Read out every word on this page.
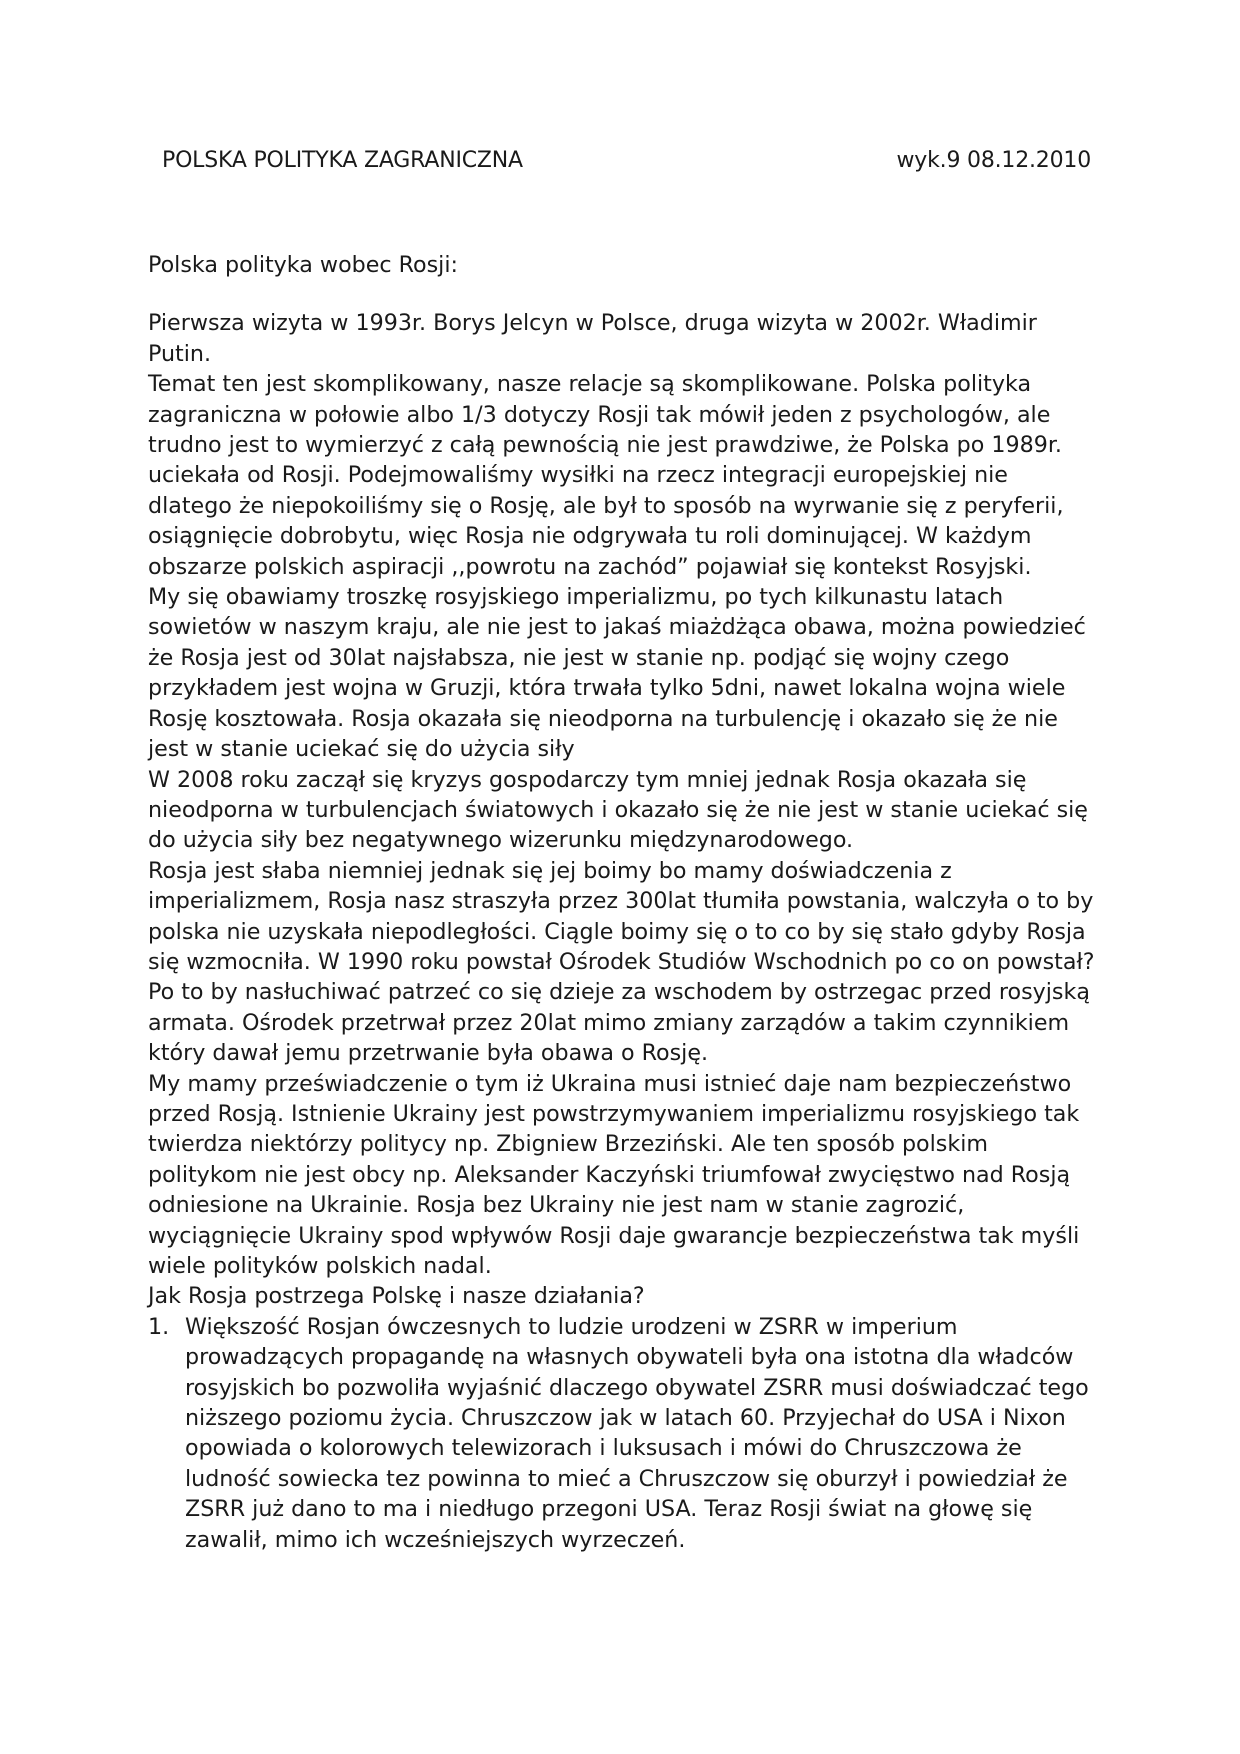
POLSKA POLITYKA ZAGRANICZNA	wyk.9 08.12.2010

Polska polityka wobec Rosji:

Pierwsza wizyta w 1993r. Borys Jelcyn w Polsce, druga wizyta w 2002r. Władimir Putin.

Temat ten jest skomplikowany, nasze relacje są skomplikowane. Polska polityka zagraniczna w połowie albo 1/3 dotyczy Rosji tak mówił jeden z psychologów, ale trudno jest to wymierzyć z całą pewnością nie jest prawdziwe, że Polska po 1989r. uciekała od Rosji. Podejmowaliśmy wysiłki na rzecz integracji europejskiej nie dlatego że niepokoiliśmy się o Rosję, ale był to sposób na wyrwanie się z peryferii, osiągnięcie dobrobytu, więc Rosja nie odgrywała tu roli dominującej. W każdym obszarze polskich aspiracji ,,powrotu na zachód” pojawiał się kontekst Rosyjski.

My się obawiamy troszkę rosyjskiego imperializmu, po tych kilkunastu latach sowietów w naszym kraju, ale nie jest to jakaś miażdżąca obawa, można powiedzieć że Rosja jest od 30lat najsłabsza, nie jest w stanie np. podjąć się wojny czego przykładem jest wojna w Gruzji, która trwała tylko 5dni, nawet lokalna wojna wiele Rosję kosztowała. Rosja okazała się nieodporna na turbulencję i okazało się że nie jest w stanie uciekać się do użycia siły

W 2008 roku zaczął się kryzys gospodarczy tym mniej jednak Rosja okazała się nieodporna w turbulencjach światowych i okazało się że nie jest w stanie uciekać się do użycia siły bez negatywnego wizerunku międzynarodowego.

Rosja jest słaba niemniej jednak się jej boimy bo mamy doświadczenia z imperializmem, Rosja nasz straszyła przez 300lat tłumiła powstania, walczyła o to by polska nie uzyskała niepodległości. Ciągle boimy się o to co by się stało gdyby Rosja się wzmocniła. W 1990 roku powstał Ośrodek Studiów Wschodnich po co on powstał? Po to by nasłuchiwać patrzeć co się dzieje za wschodem by ostrzegac przed rosyjską armata. Ośrodek przetrwał przez 20lat mimo zmiany zarządów a takim czynnikiem który dawał jemu przetrwanie była obawa o Rosję.

My mamy przeświadczenie o tym iż Ukraina musi istnieć daje nam bezpieczeństwo przed Rosją. Istnienie Ukrainy jest powstrzymywaniem imperializmu rosyjskiego tak twierdza niektórzy politycy np. Zbigniew Brzeziński. Ale ten sposób polskim politykom nie jest obcy np. Aleksander Kaczyński triumfował zwycięstwo nad Rosją odniesione na Ukrainie. Rosja bez Ukrainy nie jest nam w stanie zagrozić, wyciągnięcie Ukrainy spod wpływów Rosji daje gwarancje bezpieczeństwa tak myśli wiele polityków polskich nadal.

Jak Rosja postrzega Polskę i nasze działania?

1. Większość Rosjan ówczesnych to ludzie urodzeni w ZSRR w imperium prowadzących propagandę na własnych obywateli była ona istotna dla władców rosyjskich bo pozwoliła wyjaśnić dlaczego obywatel ZSRR musi doświadczać tego niższego poziomu życia. Chruszczow jak w latach 60. Przyjechał do USA i Nixon opowiada o kolorowych telewizorach i luksusach i mówi do Chruszczowa że ludność sowiecka tez powinna to mieć a Chruszczow się oburzył i powiedział że ZSRR już dano to ma i niedługo przegoni USA. Teraz Rosji świat na głowę się zawalił, mimo ich wcześniejszych wyrzeczeń.
